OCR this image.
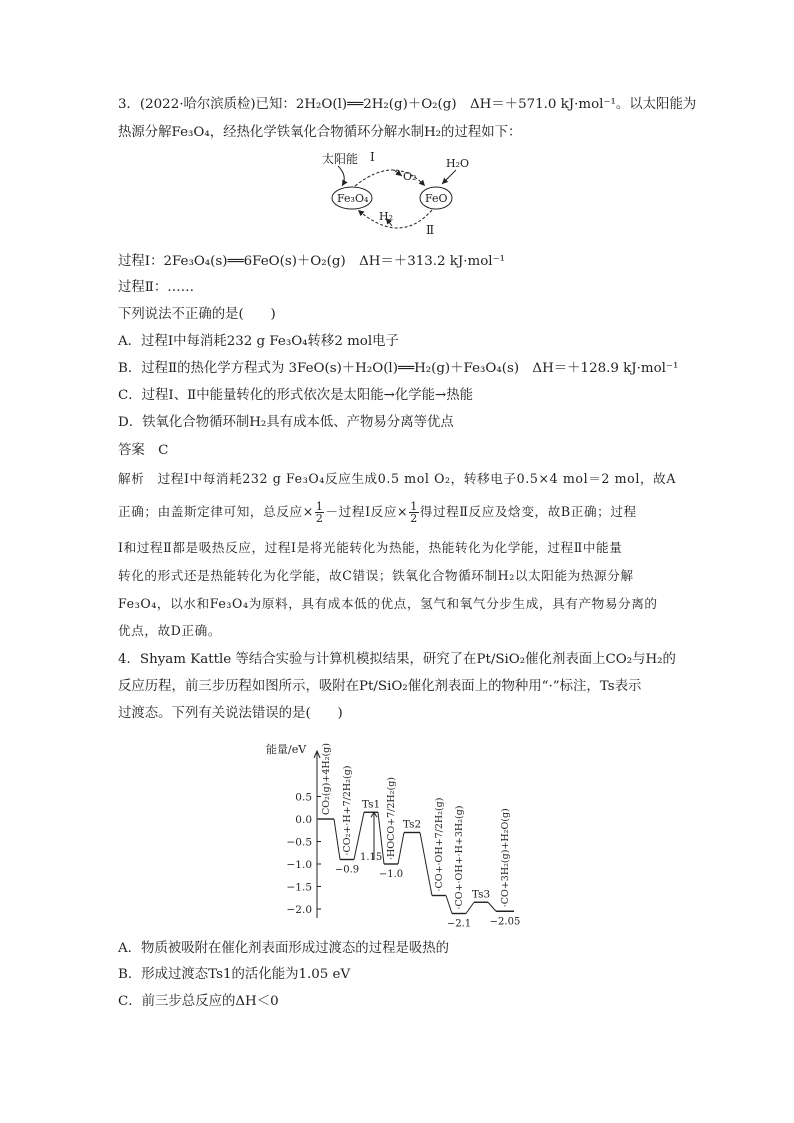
3．(2022·哈尔滨质检)已知：2H₂O(l)══2H₂(g)＋O₂(g)　ΔH＝＋571.0 kJ·mol⁻¹。以太阳能为
热源分解Fe₃O₄，经热化学铁氧化合物循环分解水制H₂的过程如下：
太阳能 Ⅰ
O₂
H₂O
Fe₃O₄	FeO
H₂
Ⅱ
过程Ⅰ：2Fe₃O₄(s)══6FeO(s)＋O₂(g)　ΔH＝＋313.2 kJ·mol⁻¹
过程Ⅱ：……
下列说法不正确的是(　　)
A．过程Ⅰ中每消耗232 g Fe₃O₄转移2 mol电子
B．过程Ⅱ的热化学方程式为 3FeO(s)＋H₂O(l)══H₂(g)＋Fe₃O₄(s)　ΔH＝＋128.9 kJ·mol⁻¹
C．过程Ⅰ、Ⅱ中能量转化的形式依次是太阳能→化学能→热能
D．铁氧化合物循环制H₂具有成本低、产物易分离等优点
答案　C
解析　过程Ⅰ中每消耗232 g Fe₃O₄反应生成0.5 mol O₂，转移电子0.5×4 mol＝2 mol，故A
正确；由盖斯定律可知，总反应× $\frac{1}{2}$ －过程Ⅰ反应× $\frac{1}{2}$ 得过程Ⅱ反应及焓变，故B正确；过程
Ⅰ和过程Ⅱ都是吸热反应，过程Ⅰ是将光能转化为热能，热能转化为化学能，过程Ⅱ中能量
转化的形式还是热能转化为化学能，故C错误；铁氧化合物循环制H₂以太阳能为热源分解
Fe₃O₄，以水和Fe₃O₄为原料，具有成本低的优点，氢气和氧气分步生成，具有产物易分离的
优点，故D正确。
4．Shyam Kattle 等结合实验与计算机模拟结果，研究了在Pt/SiO₂催化剂表面上CO₂与H₂的
反应历程，前三步历程如图所示，吸附在Pt/SiO₂催化剂表面上的物种用“·”标注，Ts表示
过渡态。下列有关说法错误的是(　　)
能量/eV
0.5
0.0
−0.5
−1.0
−1.5
−2.0
CO₂(g)+4H₂(g) ·CO₂+·H+7/2H₂(g)
−0.9
Ts1 ·HOCO+7/2H₂(g)
−1.0
Ts2 ·CO+·OH+7/2H₂(g) ·CO+·OH+·H+3H₂(g)
−2.1
Ts3 ·CO+3H₂(g)+H₂O(g)
−2.05
1.15
A．物质被吸附在催化剂表面形成过渡态的过程是吸热的
B．形成过渡态Ts1的活化能为1.05 eV
C．前三步总反应的ΔH＜0
